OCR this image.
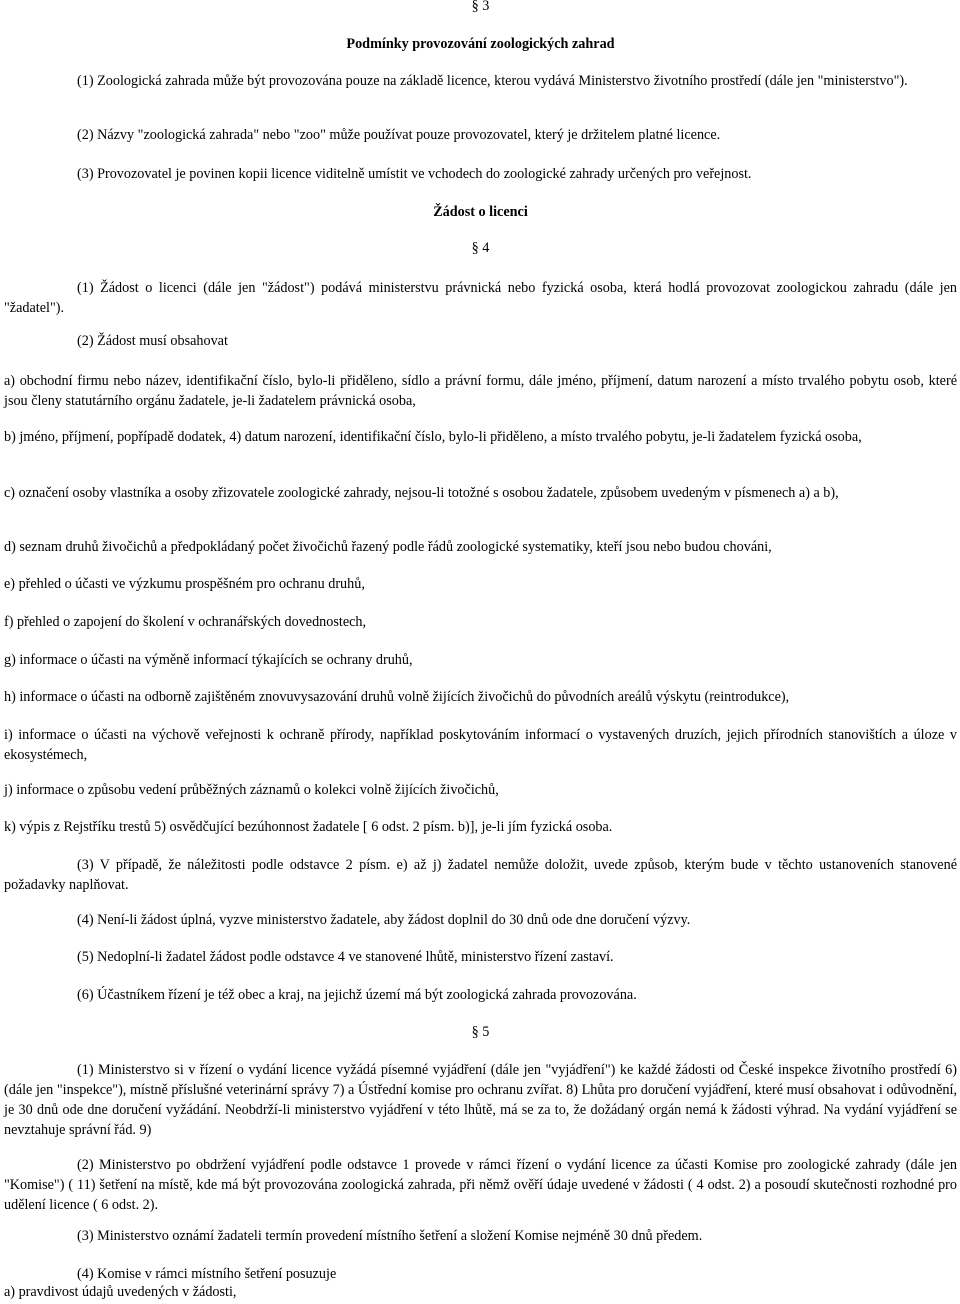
§ 3
Podmínky provozování zoologických zahrad

(1) Zoologická zahrada může být provozována pouze na základě licence, kterou vydává Ministerstvo životního prostředí (dále jen "ministerstvo").

(2) Názvy "zoologická zahrada" nebo "zoo" může používat pouze provozovatel, který je držitelem platné licence.

(3) Provozovatel je povinen kopii licence viditelně umístit ve vchodech do zoologické zahrady určených pro veřejnost.

Žádost o licenci
§ 4

(1) Žádost o licenci (dále jen "žádost") podává ministerstvu právnická nebo fyzická osoba, která hodlá provozovat zoologickou zahradu (dále jen "žadatel").

(2) Žádost musí obsahovat

a) obchodní firmu nebo název, identifikační číslo, bylo-li přiděleno, sídlo a právní formu, dále jméno, příjmení, datum narození a místo trvalého pobytu osob, které jsou členy statutárního orgánu žadatele, je-li žadatelem právnická osoba,

b) jméno, příjmení, popřípadě dodatek, 4) datum narození, identifikační číslo, bylo-li přiděleno, a místo trvalého pobytu, je-li žadatelem fyzická osoba,

c) označení osoby vlastníka a osoby zřizovatele zoologické zahrady, nejsou-li totožné s osobou žadatele, způsobem uvedeným v písmenech a) a b),

d) seznam druhů živočichů a předpokládaný počet živočichů řazený podle řádů zoologické systematiky, kteří jsou nebo budou chováni,

e) přehled o účasti ve výzkumu prospěšném pro ochranu druhů,

f) přehled o zapojení do školení v ochranářských dovednostech,

g) informace o účasti na výměně informací týkajících se ochrany druhů,

h) informace o účasti na odborně zajištěném znovuvysazování druhů volně žijících živočichů do původních areálů výskytu (reintrodukce),

i) informace o účasti na výchově veřejnosti k ochraně přírody, například poskytováním informací o vystavených druzích, jejich přírodních stanovištích a úloze v ekosystémech,

j) informace o způsobu vedení průběžných záznamů o kolekci volně žijících živočichů,

k) výpis z Rejstříku trestů 5) osvědčující bezúhonnost žadatele [ 6 odst. 2 písm. b)], je-li jím fyzická osoba.

(3) V případě, že náležitosti podle odstavce 2 písm. e) až j) žadatel nemůže doložit, uvede způsob, kterým bude v těchto ustanoveních stanovené požadavky naplňovat.

(4) Není-li žádost úplná, vyzve ministerstvo žadatele, aby žádost doplnil do 30 dnů ode dne doručení výzvy.

(5) Nedoplní-li žadatel žádost podle odstavce 4 ve stanovené lhůtě, ministerstvo řízení zastaví.

(6) Účastníkem řízení je též obec a kraj, na jejichž území má být zoologická zahrada provozována.

§ 5

(1) Ministerstvo si v řízení o vydání licence vyžádá písemné vyjádření (dále jen "vyjádření") ke každé žádosti od České inspekce životního prostředí 6) (dále jen "inspekce"), místně příslušné veterinární správy 7) a Ústřední komise pro ochranu zvířat. 8) Lhůta pro doručení vyjádření, které musí obsahovat i odůvodnění, je 30 dnů ode dne doručení vyžádání. Neobdrží-li ministerstvo vyjádření v této lhůtě, má se za to, že dožádaný orgán nemá k žádosti výhrad. Na vydání vyjádření se nevztahuje správní řád. 9)

(2) Ministerstvo po obdržení vyjádření podle odstavce 1 provede v rámci řízení o vydání licence za účasti Komise pro zoologické zahrady (dále jen "Komise") ( 11) šetření na místě, kde má být provozována zoologická zahrada, při němž ověří údaje uvedené v žádosti ( 4 odst. 2) a posoudí skutečnosti rozhodné pro udělení licence ( 6 odst. 2).

(3) Ministerstvo oznámí žadateli termín provedení místního šetření a složení Komise nejméně 30 dnů předem.

(4) Komise v rámci místního šetření posuzuje

a) pravdivost údajů uvedených v žádosti,
